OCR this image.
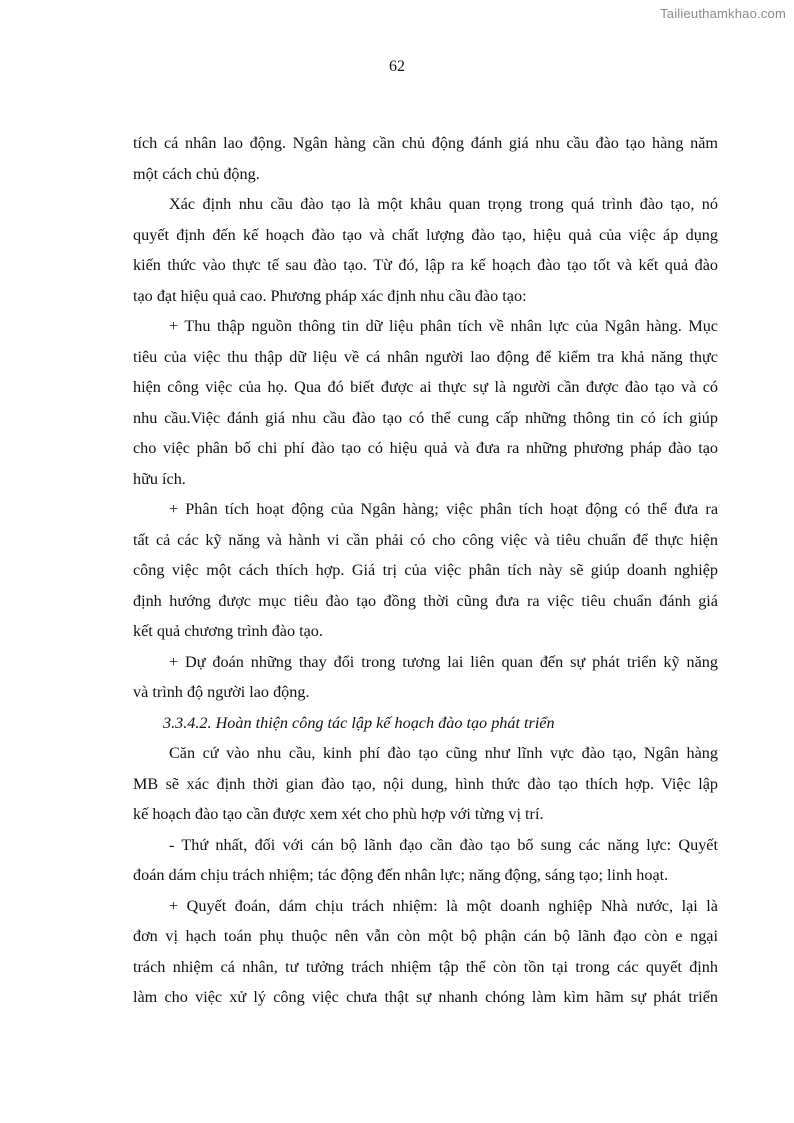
Tailieuthamkhao.com
62
tích cá nhân lao động. Ngân hàng cần chủ động đánh giá nhu cầu đào tạo hàng năm
một cách chủ động.
Xác định nhu cầu đào tạo là một khâu quan trọng trong quá trình đào tạo, nó
quyết định đến kế hoạch đào tạo và chất lượng đào tạo, hiệu quả của việc áp dụng
kiến thức vào thực tế sau đào tạo. Từ đó, lập ra kế hoạch đào tạo tốt và kết quả đào
tạo đạt hiệu quả cao. Phương pháp xác định nhu cầu đào tạo:
+ Thu thập nguồn thông tin dữ liệu phân tích về nhân lực của Ngân hàng. Mục
tiêu của việc thu thập dữ liệu về cá nhân người lao động để kiểm tra khả năng thực
hiện công việc của họ. Qua đó biết được ai thực sự là người cần được đào tạo và có
nhu cầu.Việc đánh giá nhu cầu đào tạo có thể cung cấp những thông tin có ích giúp
cho việc phân bố chi phí đào tạo có hiệu quả và đưa ra những phương pháp đào tạo
hữu ích.
+ Phân tích hoạt động của Ngân hàng; việc phân tích hoạt động có thể đưa ra
tất cả các kỹ năng và hành vi cần phải có cho công việc và tiêu chuẩn để thực hiện
công việc một cách thích hợp. Giá trị của việc phân tích này sẽ giúp doanh nghiệp
định hướng được mục tiêu đào tạo đồng thời cũng đưa ra việc tiêu chuẩn đánh giá
kết quả chương trình đào tạo.
+ Dự đoán những thay đổi trong tương lai liên quan đến sự phát triển kỹ năng
và trình độ người lao động.
3.3.4.2. Hoàn thiện công tác lập kế hoạch đào tạo phát triển
Căn cứ vào nhu cầu, kinh phí đào tạo cũng như lĩnh vực đào tạo, Ngân hàng
MB sẽ xác định thời gian đào tạo, nội dung, hình thức đào tạo thích hợp. Việc lập
kế hoạch đào tạo cần được xem xét cho phù hợp với từng vị trí.
- Thứ nhất, đối với cán bộ lãnh đạo cần đào tạo bổ sung các năng lực: Quyết
đoán dám chịu trách nhiệm; tác động đến nhân lực; năng động, sáng tạo; linh hoạt.
+ Quyết đoán, dám chịu trách nhiệm: là một doanh nghiệp Nhà nước, lại là
đơn vị hạch toán phụ thuộc nên vẫn còn một bộ phận cán bộ lãnh đạo còn e ngại
trách nhiệm cá nhân, tư tưởng trách nhiệm tập thể còn tồn tại trong các quyết định
làm cho việc xử lý công việc chưa thật sự nhanh chóng làm kìm hãm sự phát triển
